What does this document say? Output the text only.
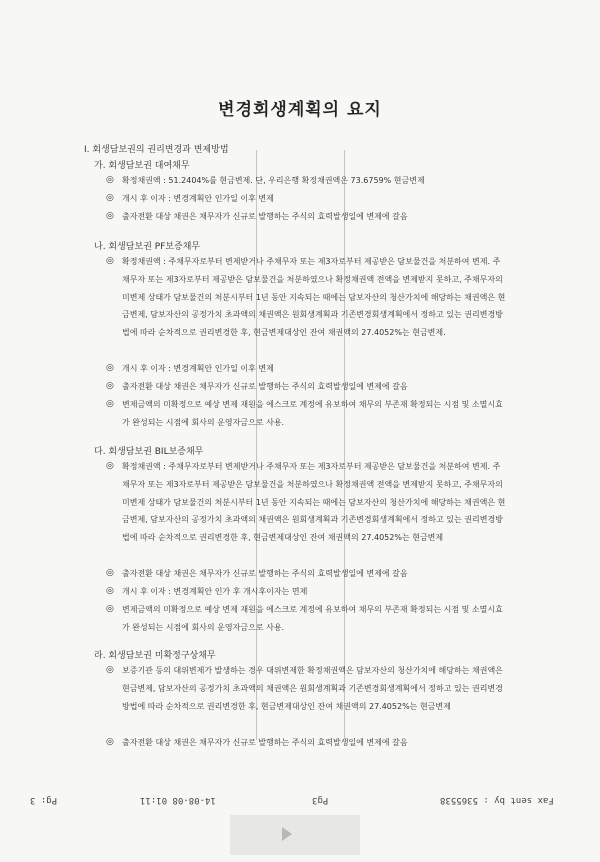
변경회생계획의 요지
I. 회생담보권의 권리변경과 변제방법
가. 회생담보권 대여채무
◎	확정채권액 : 51.2404%를 현금변제. 단, 우리은행 확정채권액은 73.6759% 현금변제
◎	개시 후 이자 : 변경계획안 인가일 이후 변제
◎	출자전환 대상 채권은 채무자가 신규로 발행하는 주식의 효력발생일에 변제에 갈음
나. 회생담보권 PF보증채무
◎	확정채권액 : 주채무자로부터 변제받거나 주채무자 또는 제3자로부터 제공받은 담보물건을 처분하여 변제. 주채무자 또는 제3자로부터 제공받은 담보물건을 처분하였으나 확정채권액 전액을 변제받지 못하고, 주채무자의 미변제 상태가 담보물건의 처분시부터 1년 동안 지속되는 때에는 담보자산의 청산가치에 해당하는 채권액은 현금변제, 담보자산의 공정가치 초과액의 채권액은 원회생계획과 기존변경회생계획에서 정하고 있는 권리변경방법에 따라 순차적으로 권리변경한 후, 현금변제대상인 잔여 채권액의 27.4052%는 현금변제.
◎	개시 후 이자 : 변경계획안 인가일 이후 변제
◎	출자전환 대상 채권은 채무자가 신규로 발행하는 주식의 효력발생일에 변제에 갈음
◎	변제금액의 미확정으로 예상 변제 재원을 에스크로 계정에 유보하여 채무의 부존재 확정되는 시점 및 소멸시효가 완성되는 시점에 회사의 운영자금으로 사용.
다. 회생담보권 BIL보증채무
◎	확정채권액 : 주채무자로부터 변제받거나 주채무자 또는 제3자로부터 제공받은 담보물건을 처분하여 변제. 주채무자 또는 제3자로부터 제공받은 담보물건을 처분하였으나 확정채권액 전액을 변제받지 못하고, 주채무자의 미변제 상태가 담보물건의 처분시부터 1년 동안 지속되는 때에는 담보자산의 청산가치에 해당하는 채권액은 현금변제, 담보자산의 공정가치 초과액의 채권액은 원회생계획과 기존변경회생계획에서 정하고 있는 권리변경방법에 따라 순차적으로 권리변경한 후, 현금변제대상인 잔여 채권액의 27.4052%는 현금변제
◎	출자전환 대상 채권은 채무자가 신규로 발행하는 주식의 효력발생일에 변제에 갈음
◎	개시 후 이자 : 변경계획안 인가 후 개시후이자는 면제
◎	변제금액의 미확정으로 예상 변제 재원을 에스크로 계정에 유보하여 채무의 부존재 확정되는 시점 및 소멸시효가 완성되는 시점에 회사의 운영자금으로 사용.
라. 회생담보권 미확정구상채무
◎	보증기관 등의 대위변제가 발생하는 경우 대위변제한 확정채권액은 담보자산의 청산가치에 해당하는 채권액은 현금변제, 담보자산의 공정가치 초과액의 채권액은 원회생계획과 기존변경회생계획에서 정하고 있는 권리변경방법에 따라 순차적으로 권리변경한 후, 현금변제대상인 잔여 채권액의 27.4052%는 현금변제
◎	출자전환 대상 채권은 채무자가 신규로 발행하는 주식의 효력발생일에 변제에 갈음
Pg: 3	14-08-08 01:11	Pg3	Fax sent by : 5365538
